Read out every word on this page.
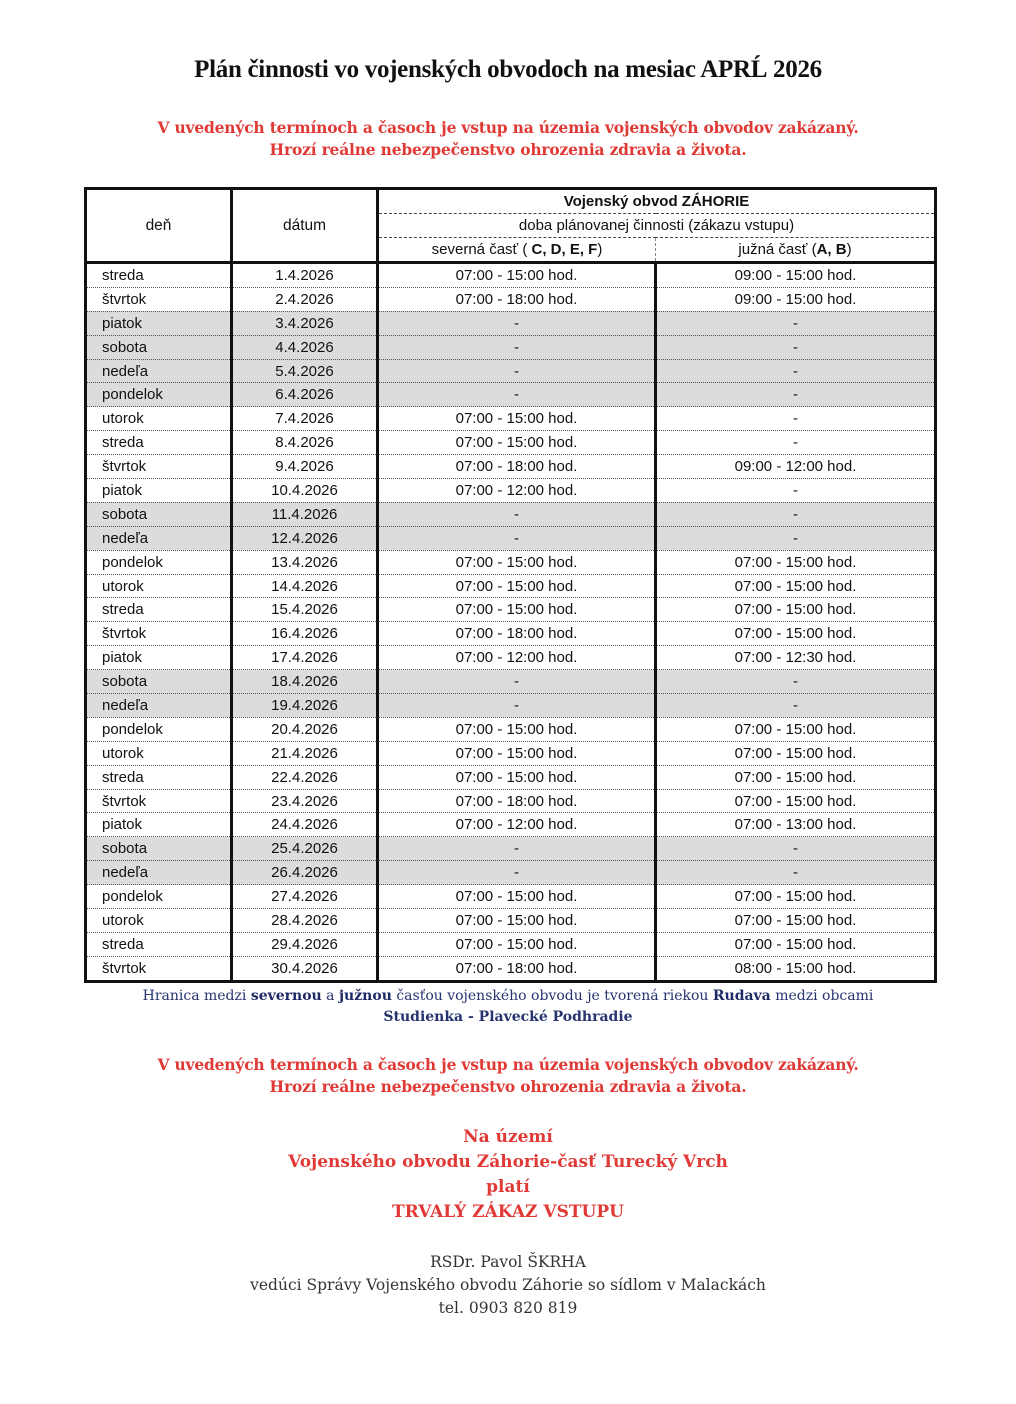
Plán činnosti vo vojenských obvodoch na mesiac APRĹ 2026
V uvedených termínoch a časoch je vstup na územia vojenských obvodov zakázaný.
Hrozí reálne nebezpečenstvo ohrozenia zdravia a života.
deň	dátum	Vojenský obvod ZÁHORIE	
		doba plánovanej činnosti (zákazu vstupu)	
		severná časť ( C, D, E, F)	južná časť (A, B)
streda	1.4.2026	07:00 - 15:00 hod.	09:00 - 15:00 hod.
štvrtok	2.4.2026	07:00 - 18:00 hod.	09:00 - 15:00 hod.
piatok	3.4.2026	-	-
sobota	4.4.2026	-	-
nedeľa	5.4.2026	-	-
pondelok	6.4.2026	-	-
utorok	7.4.2026	07:00 - 15:00 hod.	-
streda	8.4.2026	07:00 - 15:00 hod.	-
štvrtok	9.4.2026	07:00 - 18:00 hod.	09:00 - 12:00 hod.
piatok	10.4.2026	07:00 - 12:00 hod.	-
sobota	11.4.2026	-	-
nedeľa	12.4.2026	-	-
pondelok	13.4.2026	07:00 - 15:00 hod.	07:00 - 15:00 hod.
utorok	14.4.2026	07:00 - 15:00 hod.	07:00 - 15:00 hod.
streda	15.4.2026	07:00 - 15:00 hod.	07:00 - 15:00 hod.
štvrtok	16.4.2026	07:00 - 18:00 hod.	07:00 - 15:00 hod.
piatok	17.4.2026	07:00 - 12:00 hod.	07:00 - 12:30 hod.
sobota	18.4.2026	-	-
nedeľa	19.4.2026	-	-
pondelok	20.4.2026	07:00 - 15:00 hod.	07:00 - 15:00 hod.
utorok	21.4.2026	07:00 - 15:00 hod.	07:00 - 15:00 hod.
streda	22.4.2026	07:00 - 15:00 hod.	07:00 - 15:00 hod.
štvrtok	23.4.2026	07:00 - 18:00 hod.	07:00 - 15:00 hod.
piatok	24.4.2026	07:00 - 12:00 hod.	07:00 - 13:00 hod.
sobota	25.4.2026	-	-
nedeľa	26.4.2026	-	-
pondelok	27.4.2026	07:00 - 15:00 hod.	07:00 - 15:00 hod.
utorok	28.4.2026	07:00 - 15:00 hod.	07:00 - 15:00 hod.
streda	29.4.2026	07:00 - 15:00 hod.	07:00 - 15:00 hod.
štvrtok	30.4.2026	07:00 - 18:00 hod.	08:00 - 15:00 hod.
Hranica medzi severnou a južnou časťou vojenského obvodu je tvorená riekou Rudava medzi obcami
Studienka - Plavecké Podhradie
V uvedených termínoch a časoch je vstup na územia vojenských obvodov zakázaný.
Hrozí reálne nebezpečenstvo ohrozenia zdravia a života.
Na území
Vojenského obvodu Záhorie-časť Turecký Vrch
platí
TRVALÝ ZÁKAZ VSTUPU
RSDr. Pavol ŠKRHA
vedúci Správy Vojenského obvodu Záhorie so sídlom v Malackách
tel. 0903 820 819
